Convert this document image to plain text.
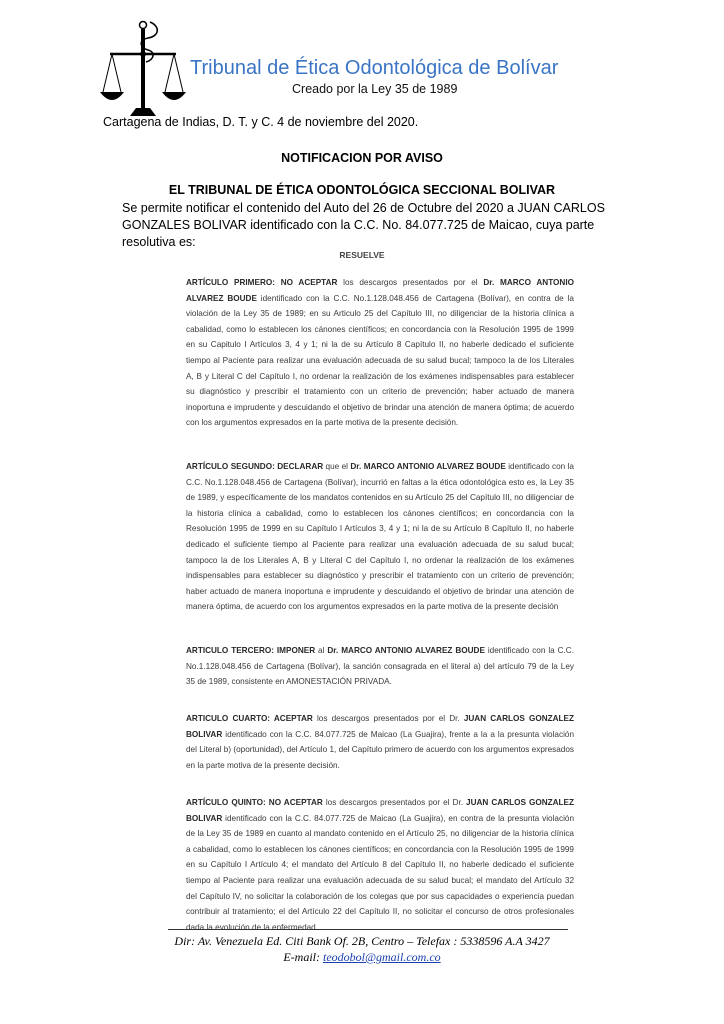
Tribunal de Ética Odontológica de Bolívar
Creado por la Ley 35 de 1989
Cartagena de Indias, D. T. y C. 4 de noviembre del 2020.
NOTIFICACION POR AVISO
EL TRIBUNAL DE ÉTICA ODONTOLÓGICA SECCIONAL BOLIVAR
Se permite notificar el contenido del Auto del 26 de Octubre del 2020 a JUAN CARLOS GONZALES BOLIVAR identificado con la C.C. No. 84.077.725 de Maicao, cuya parte resolutiva es:
RESUELVE
ARTÍCULO PRIMERO: NO ACEPTAR los descargos presentados por el Dr. MARCO ANTONIO ALVAREZ BOUDE identificado con la C.C. No.1.128.048.456 de Cartagena (Bolívar), en contra de la violación de la Ley 35 de 1989; en su Articulo 25 del Capítulo III, no diligenciar de la historia clínica a cabalidad, como lo establecen los cánones científicos; en concordancia con la Resolución 1995 de 1999 en su Capitulo I Artículos 3, 4 y 1; ni la de su Artículo 8 Capítulo II, no haberle dedicado el suficiente tiempo al Paciente para realizar una evaluación adecuada de su salud bucal; tampoco la de los Literales A, B y Literal C del Capítulo I, no ordenar la realización de los exámenes indispensables para establecer su diagnóstico y prescribir el tratamiento con un criterio de prevención; haber actuado de manera inoportuna e imprudente y descuidando el objetivo de brindar una atención de manera óptima; de acuerdo con los argumentos expresados en la parte motiva de la presente decisión.
ARTÍCULO SEGUNDO: DECLARAR que el Dr. MARCO ANTONIO ALVAREZ BOUDE identificado con la C.C. No.1.128.048.456 de Cartagena (Bolívar), incurrió en faltas a la ética odontológica esto es, la Ley 35 de 1989, y específicamente de los mandatos contenidos en su Artículo 25 del Capítulo III, no diligenciar de la historia clínica a cabalidad, como lo establecen los cánones científicos; en concordancia con la Resolución 1995 de 1999 en su Capítulo I Artículos 3, 4 y 1; ni la de su Artículo 8 Capítulo II, no haberle dedicado el suficiente tiempo al Paciente para realizar una evaluación adecuada de su salud bucal; tampoco la de los Literales A, B y Literal C del Capítulo I, no ordenar la realización de los exámenes indispensables para establecer su diagnóstico y prescribir el tratamiento con un criterio de prevención; haber actuado de manera inoportuna e imprudente y descuidando el objetivo de brindar una atención de manera óptima, de acuerdo con los argumentos expresados en la parte motiva de la presente decisión
ARTICULO TERCERO: IMPONER al Dr. MARCO ANTONIO ALVAREZ BOUDE identificado con la C.C. No.1.128.048.456 de Cartagena (Bolívar), la sanción consagrada en el literal a) del artículo 79 de la Ley 35 de 1989, consistente en AMONESTACIÓN PRIVADA.
ARTICULO CUARTO: ACEPTAR los descargos presentados por el Dr. JUAN CARLOS GONZALEZ BOLIVAR identificado con la C.C. 84.077.725 de Maicao (La Guajira), frente a la a la presunta violación del Literal b) (oportunidad), del Artículo 1, del Capítulo primero de acuerdo con los argumentos expresados en la parte motiva de la presente decisión.
ARTÍCULO QUINTO: NO ACEPTAR los descargos presentados por el Dr. JUAN CARLOS GONZALEZ BOLIVAR identificado con la C.C. 84.077.725 de Maicao (La Guajira), en contra de la presunta violación de la Ley 35 de 1989 en cuanto al mandato contenido en el Artículo 25, no diligenciar de la historia clínica a cabalidad, como lo establecen los cánones científicos; en concordancia con la Resolución 1995 de 1999 en su Capítulo I Artículo 4; el mandato del Artículo 8 del Capítulo II, no haberle dedicado el suficiente tiempo al Paciente para realizar una evaluación adecuada de su salud bucal; el mandato del Artículo 32 del Capítulo IV, no solicitar la colaboración de los colegas que por sus capacidades o experiencia puedan contribuir al tratamiento; el del Artículo 22 del Capítulo II, no solicitar el concurso de otros profesionales dada la evolución de la enfermedad
Dir: Av. Venezuela Ed. Citi Bank Of. 2B, Centro – Telefax : 5338596 A.A 3427
E-mail: teodobol@gmail.com.co
